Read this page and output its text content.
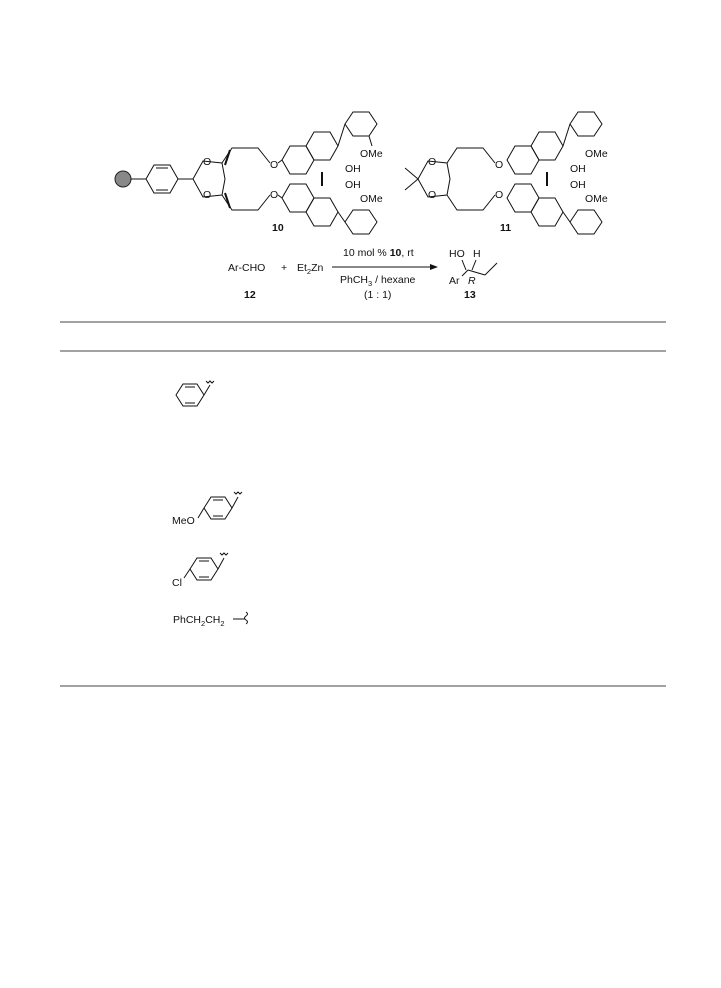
O
O
O
O
OMe
OH
OH
OMe
10
O
O
O
O
OMe
OH
OH
OMe
11
$Ar-CHO + Et_2Zn$
10 mol % 10, rt
PhCH$_3$ / hexane
(1 : 1)
12
HO H
Ar R
13
MeO
Cl
$PhCH_2CH_2$
